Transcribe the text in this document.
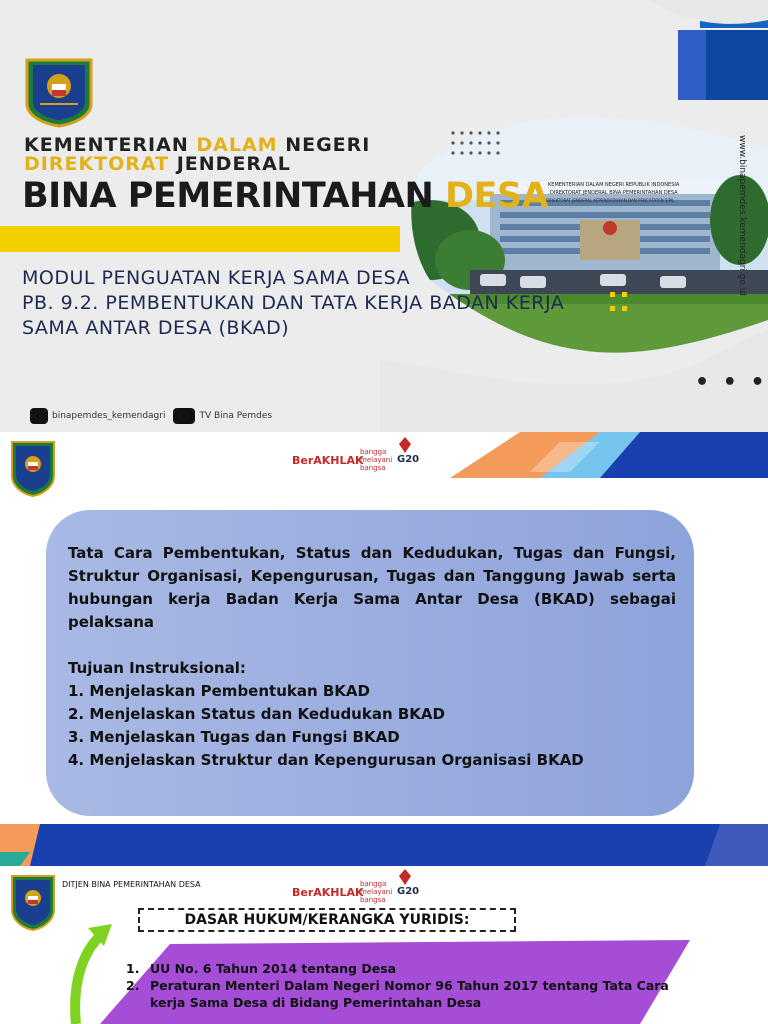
KEMENTERIAN DALAM NEGERI REPUBLIK INDONESIA
DIREKTORAT JENDERAL BINA PEMERINTAHAN DESA
DIREKTORAT JENDERAL KEPENDUDUKAN DAN PENCATATAN SIPIL
KEMENTERIAN DALAM NEGERI
DIREKTORAT JENDERAL
BINA PEMERINTAHAN DESA
MODUL PENGUATAN KERJA SAMA DESA
PB. 9.2. PEMBENTUKAN DAN TATA KERJA BADAN KERJA
SAMA ANTAR DESA (BKAD)
• • •
www.binapemdes.kemendagri.go.id
binapemdes_kemendagri	TV Bina Pemdes
BerAKHLAK
bangga
melayani
bangsa
G20
Tata Cara Pembentukan, Status dan Kedudukan, Tugas dan Fungsi, Struktur Organisasi, Kepengurusan, Tugas dan Tanggung Jawab serta hubungan kerja Badan Kerja Sama Antar Desa (BKAD) sebagai pelaksana
Tujuan Instruksional:
1. Menjelaskan Pembentukan BKAD
2. Menjelaskan Status dan Kedudukan BKAD
3. Menjelaskan Tugas dan Fungsi BKAD
4. Menjelaskan Struktur dan Kepengurusan Organisasi BKAD
DITJEN BINA PEMERINTAHAN DESA
BerAKHLAK
bangga
melayani
bangsa
G20
DASAR HUKUM/KERANGKA YURIDIS:
1. UU No. 6 Tahun 2014 tentang Desa
2. Peraturan Menteri Dalam Negeri Nomor 96 Tahun 2017 tentang Tata Cara kerja Sama Desa di Bidang Pemerintahan Desa
